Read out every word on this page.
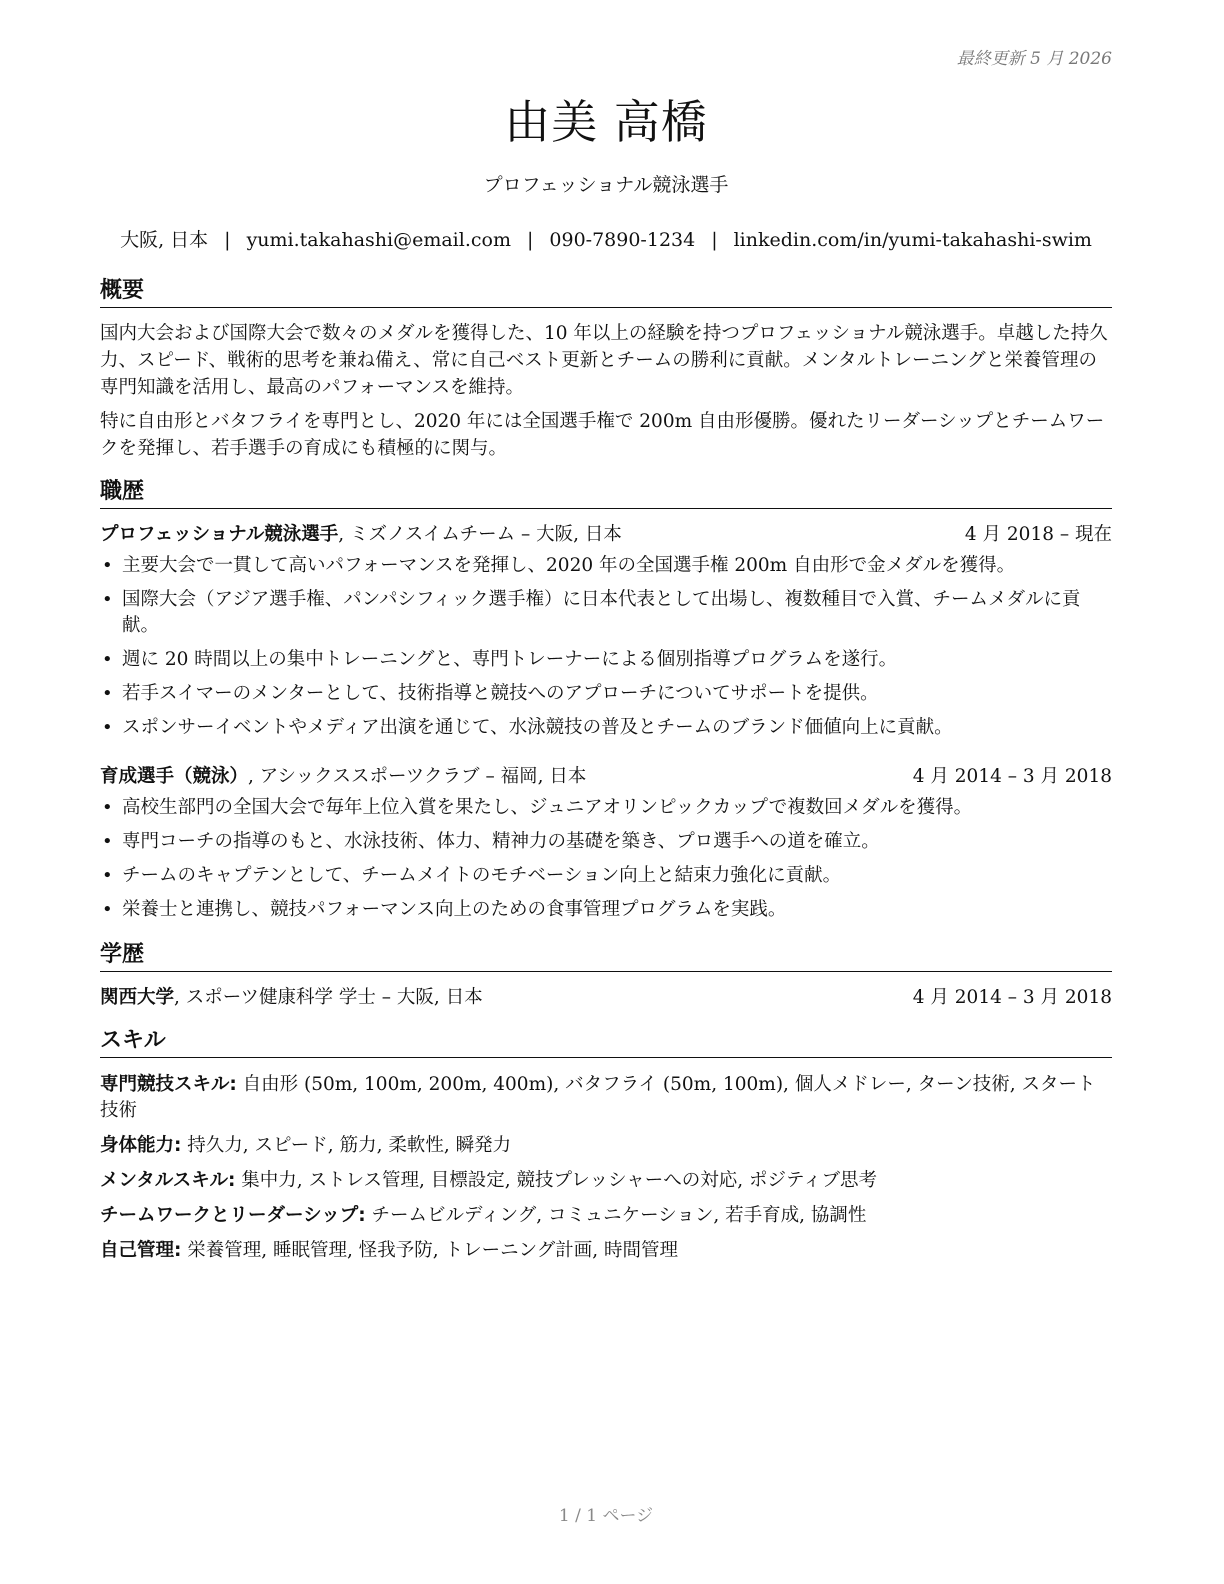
最終更新 5 月 2026
由美 高橋
プロフェッショナル競泳選手
大阪, 日本 | yumi.takahashi@email.com | 090-7890-1234 | linkedin.com/in/yumi-takahashi-swim
概要
国内大会および国際大会で数々のメダルを獲得した、10 年以上の経験を持つプロフェッショナル競泳選手。卓越した持久力、スピード、戦術的思考を兼ね備え、常に自己ベスト更新とチームの勝利に貢献。メンタルトレーニングと栄養管理の専門知識を活用し、最高のパフォーマンスを維持。
特に自由形とバタフライを専門とし、2020 年には全国選手権で 200m 自由形優勝。優れたリーダーシップとチームワークを発揮し、若手選手の育成にも積極的に関与。
職歴
プロフェッショナル競泳選手, ミズノスイムチーム – 大阪, 日本	4 月 2018 – 現在
• 主要大会で一貫して高いパフォーマンスを発揮し、2020 年の全国選手権 200m 自由形で金メダルを獲得。
• 国際大会（アジア選手権、パンパシフィック選手権）に日本代表として出場し、複数種目で入賞、チームメダルに貢献。
• 週に 20 時間以上の集中トレーニングと、専門トレーナーによる個別指導プログラムを遂行。
• 若手スイマーのメンターとして、技術指導と競技へのアプローチについてサポートを提供。
• スポンサーイベントやメディア出演を通じて、水泳競技の普及とチームのブランド価値向上に貢献。
育成選手（競泳）, アシックススポーツクラブ – 福岡, 日本	4 月 2014 – 3 月 2018
• 高校生部門の全国大会で毎年上位入賞を果たし、ジュニアオリンピックカップで複数回メダルを獲得。
• 専門コーチの指導のもと、水泳技術、体力、精神力の基礎を築き、プロ選手への道を確立。
• チームのキャプテンとして、チームメイトのモチベーション向上と結束力強化に貢献。
• 栄養士と連携し、競技パフォーマンス向上のための食事管理プログラムを実践。
学歴
関西大学, スポーツ健康科学 学士 – 大阪, 日本	4 月 2014 – 3 月 2018
スキル
専門競技スキル: 自由形 (50m, 100m, 200m, 400m), バタフライ (50m, 100m), 個人メドレー, ターン技術, スタート技術
身体能力: 持久力, スピード, 筋力, 柔軟性, 瞬発力
メンタルスキル: 集中力, ストレス管理, 目標設定, 競技プレッシャーへの対応, ポジティブ思考
チームワークとリーダーシップ: チームビルディング, コミュニケーション, 若手育成, 協調性
自己管理: 栄養管理, 睡眠管理, 怪我予防, トレーニング計画, 時間管理
1 / 1 ページ
